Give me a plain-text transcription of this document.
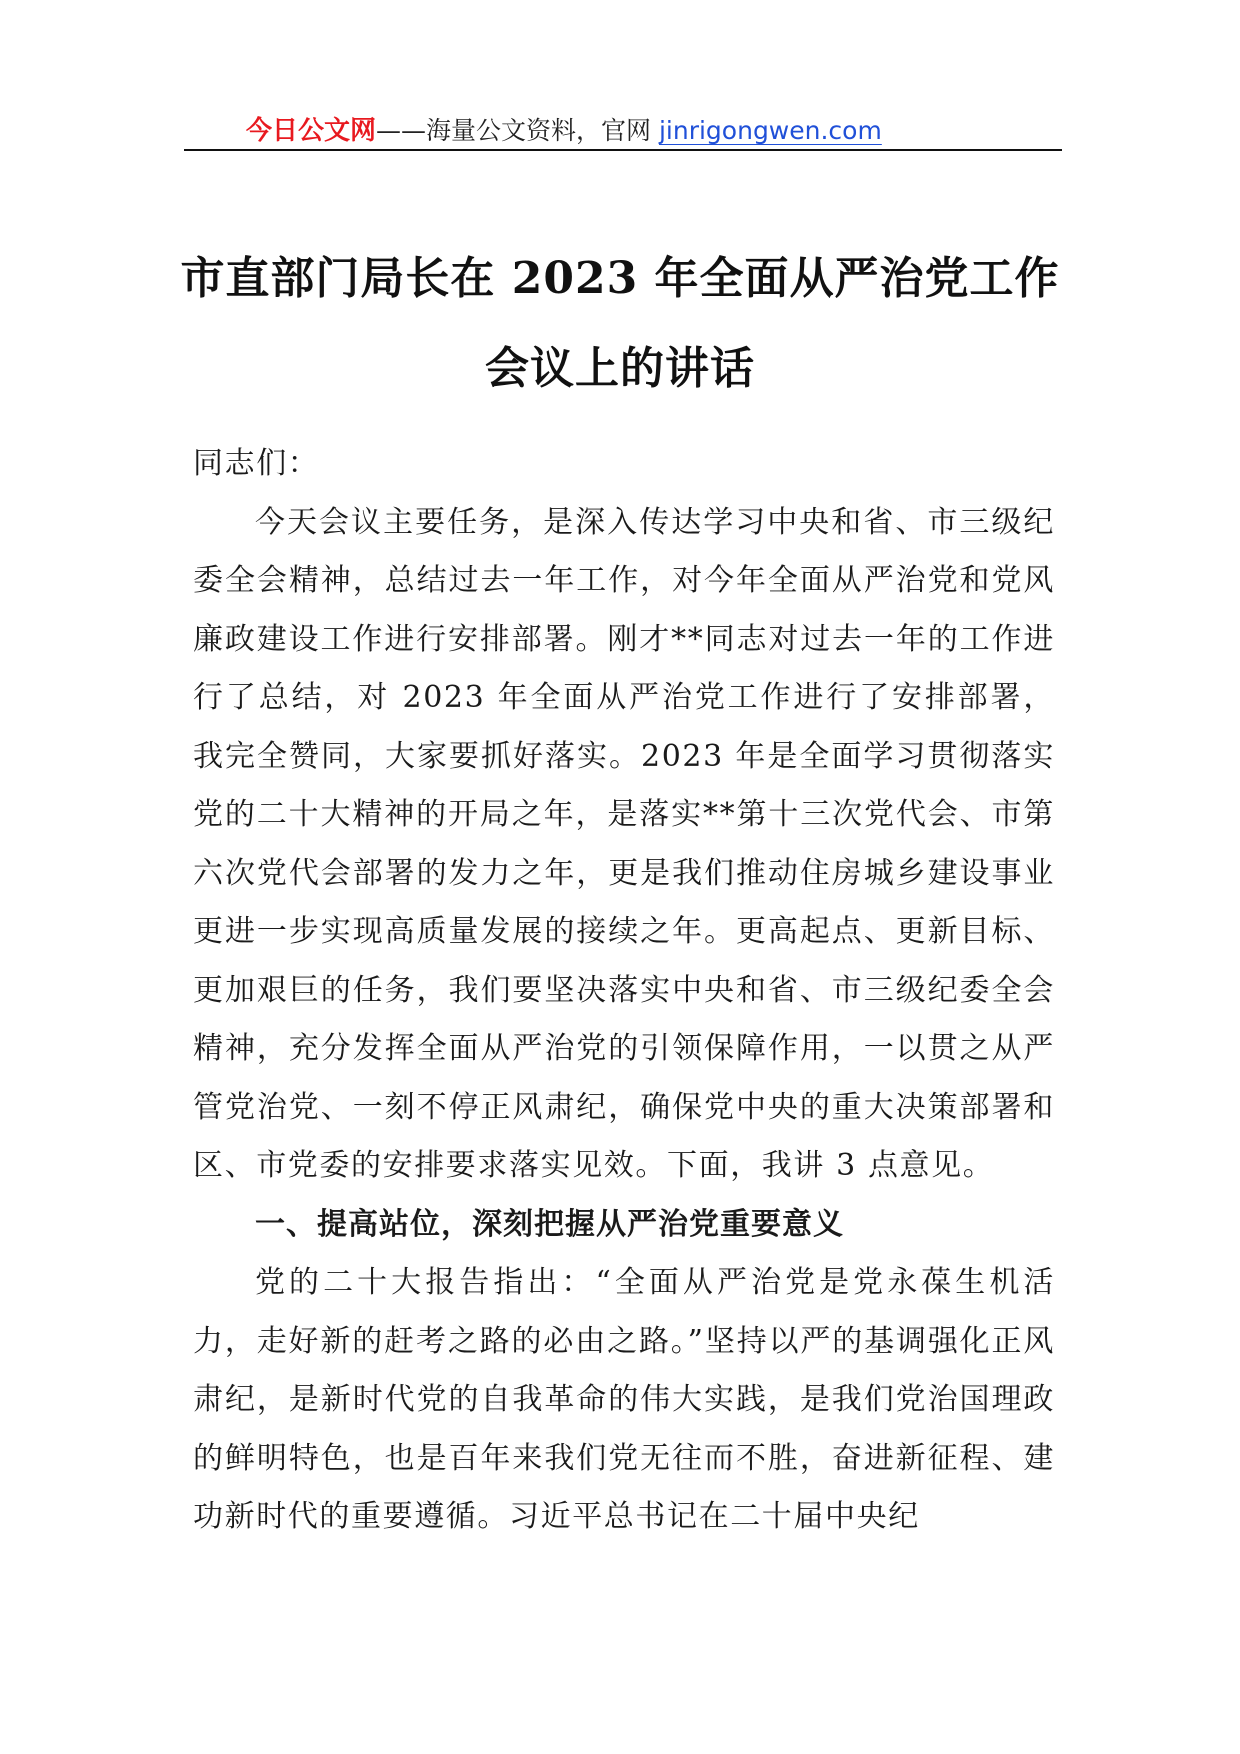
今日公文网——海量公文资料，官网 jinrigongwen.com
市直部门局长在 2023 年全面从严治党工作
会议上的讲话

同志们：

今天会议主要任务，是深入传达学习中央和省、市三级纪委全会精神，总结过去一年工作，对今年全面从严治党和党风廉政建设工作进行安排部署。刚才**同志对过去一年的工作进行了总结，对 2023 年全面从严治党工作进行了安排部署，我完全赞同，大家要抓好落实。2023 年是全面学习贯彻落实党的二十大精神的开局之年，是落实**第十三次党代会、市第六次党代会部署的发力之年，更是我们推动住房城乡建设事业更进一步实现高质量发展的接续之年。更高起点、更新目标、更加艰巨的任务，我们要坚决落实中央和省、市三级纪委全会精神，充分发挥全面从严治党的引领保障作用，一以贯之从严管党治党、一刻不停正风肃纪，确保党中央的重大决策部署和区、市党委的安排要求落实见效。下面，我讲 3 点意见。

一、提高站位，深刻把握从严治党重要意义

党的二十大报告指出：“全面从严治党是党永葆生机活力，走好新的赶考之路的必由之路。”坚持以严的基调强化正风肃纪，是新时代党的自我革命的伟大实践，是我们党治国理政的鲜明特色，也是百年来我们党无往而不胜，奋进新征程、建功新时代的重要遵循。习近平总书记在二十届中央纪
